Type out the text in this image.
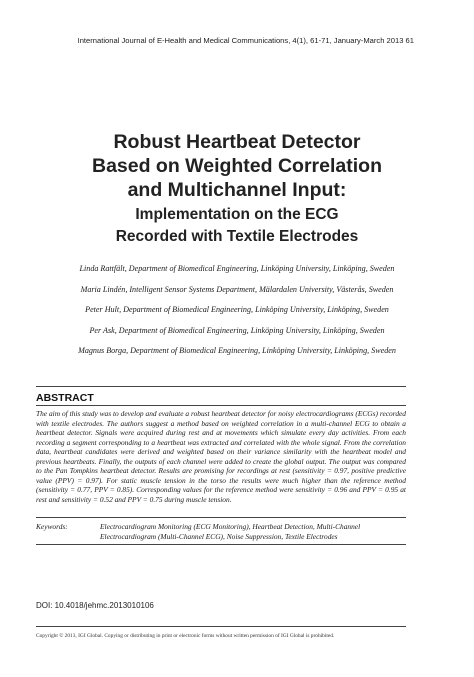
International Journal of E-Health and Medical Communications, 4(1), 61-71, January-March 2013 61
Robust Heartbeat Detector
Based on Weighted Correlation
and Multichannel Input:
Implementation on the ECG
Recorded with Textile Electrodes
Linda Rattfält, Department of Biomedical Engineering, Linköping University, Linköping, Sweden
Maria Lindén, Intelligent Sensor Systems Department, Mälardalen University, Västerås, Sweden
Peter Hult, Department of Biomedical Engineering, Linköping University, Linköping, Sweden
Per Ask, Department of Biomedical Engineering, Linköping University, Linköping, Sweden
Magnus Borga, Department of Biomedical Engineering, Linköping University, Linköping, Sweden
ABSTRACT
The aim of this study was to develop and evaluate a robust heartbeat detector for noisy electrocardiograms (ECGs) recorded with textile electrodes. The authors suggest a method based on weighted correlation in a multi-channel ECG to obtain a heartbeat detector. Signals were acquired during rest and at movements which simulate every day activities. From each recording a segment corresponding to a heartbeat was extracted and correlated with the whole signal. From the correlation data, heartbeat candidates were derived and weighted based on their variance similarity with the heartbeat model and previous heartbeats. Finally, the outputs of each channel were added to create the global output. The output was compared to the Pan Tompkins heartbeat detector. Results are promising for recordings at rest (sensitivity = 0.97, positive predictive value (PPV) = 0.97). For static muscle tension in the torso the results were much higher than the reference method (sensitivity = 0.77, PPV = 0.85). Corresponding values for the reference method were sensitivity = 0.96 and PPV = 0.95 at rest and sensitivity = 0.52 and PPV = 0.75 during muscle tension.
Keywords:	Electrocardiogram Monitoring (ECG Monitoring), Heartbeat Detection, Multi-Channel Electrocardiogram (Multi-Channel ECG), Noise Suppression, Textile Electrodes
DOI: 10.4018/jehmc.2013010106
Copyright © 2013, IGI Global. Copying or distributing in print or electronic forms without written permission of IGI Global is prohibited.
